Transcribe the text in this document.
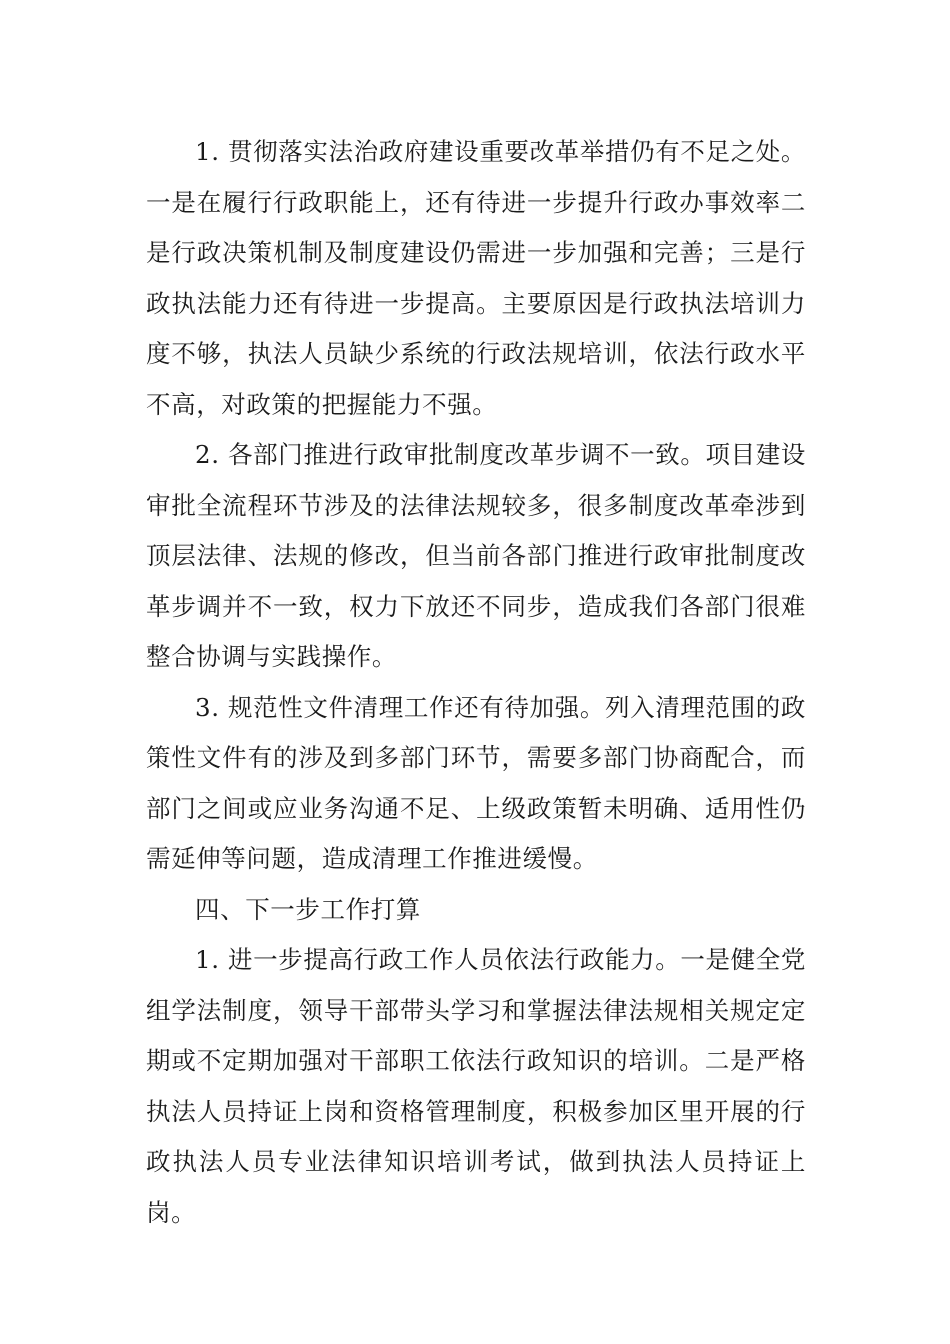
1. 贯彻落实法治政府建设重要改革举措仍有不足之处。一是在履行行政职能上，还有待进一步提升行政办事效率二是行政决策机制及制度建设仍需进一步加强和完善；三是行政执法能力还有待进一步提高。主要原因是行政执法培训力度不够，执法人员缺少系统的行政法规培训，依法行政水平不高，对政策的把握能力不强。

2. 各部门推进行政审批制度改革步调不一致。项目建设审批全流程环节涉及的法律法规较多，很多制度改革牵涉到顶层法律、法规的修改，但当前各部门推进行政审批制度改革步调并不一致，权力下放还不同步，造成我们各部门很难整合协调与实践操作。

3. 规范性文件清理工作还有待加强。列入清理范围的政策性文件有的涉及到多部门环节，需要多部门协商配合，而部门之间或应业务沟通不足、上级政策暂未明确、适用性仍需延伸等问题，造成清理工作推进缓慢。

四、下一步工作打算

1. 进一步提高行政工作人员依法行政能力。一是健全党组学法制度，领导干部带头学习和掌握法律法规相关规定定期或不定期加强对干部职工依法行政知识的培训。二是严格执法人员持证上岗和资格管理制度，积极参加区里开展的行政执法人员专业法律知识培训考试，做到执法人员持证上岗。
